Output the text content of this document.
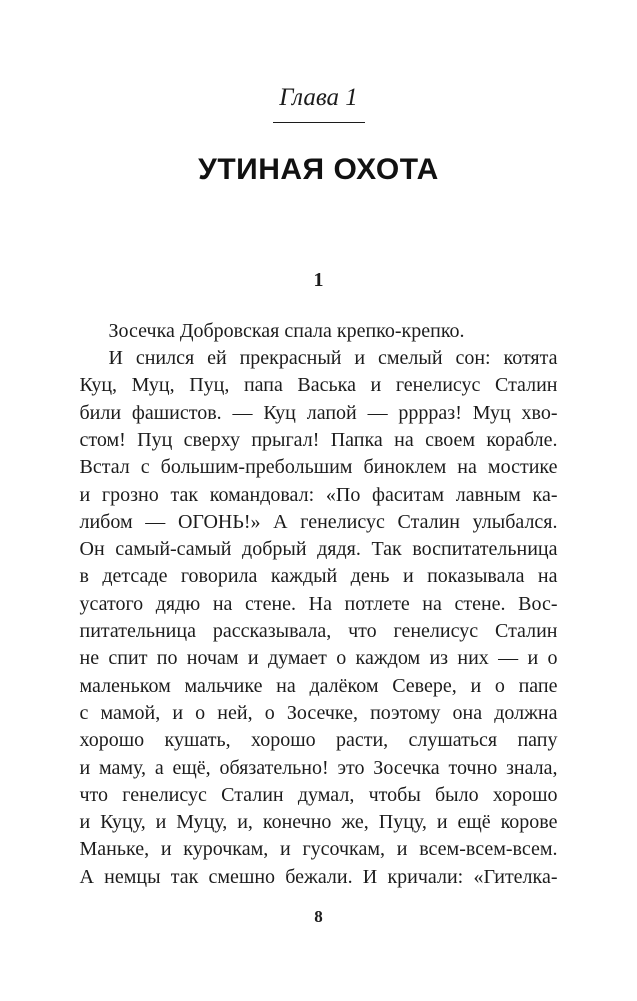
Глава 1
УТИНАЯ ОХОТА
1
Зосечка Добровская спала крепко-крепко.
И снился ей прекрасный и смелый сон: котята
Куц, Муц, Пуц, папа Васька и генелисус Сталин
били фашистов. — Куц лапой — рррраз! Муц хво-
стом! Пуц сверху прыгал! Папка на своем корабле.
Встал с большим-пребольшим биноклем на мостике
и грозно так командовал: «По фаситам лавным ка-
либом — ОГОНЬ!» А генелисус Сталин улыбался.
Он самый-самый добрый дядя. Так воспитательница
в детсаде говорила каждый день и показывала на
усатого дядю на стене. На потлете на стене. Вос-
питательница рассказывала, что генелисус Сталин
не спит по ночам и думает о каждом из них — и о
маленьком мальчике на далёком Севере, и о папе
с мамой, и о ней, о Зосечке, поэтому она должна
хорошо кушать, хорошо расти, слушаться папу
и маму, а ещё, обязательно! это Зосечка точно знала,
что генелисус Сталин думал, чтобы было хорошо
и Куцу, и Муцу, и, конечно же, Пуцу, и ещё корове
Маньке, и курочкам, и гусочкам, и всем-всем-всем.
А немцы так смешно бежали. И кричали: «Гителка-
8
